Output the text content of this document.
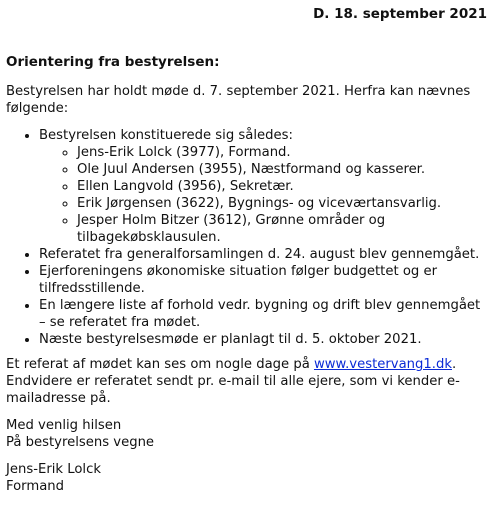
D. 18. september 2021
Orientering fra bestyrelsen:

Bestyrelsen har holdt møde d. 7. september 2021. Herfra kan nævnes følgende:

• Bestyrelsen konstituerede sig således:
◦ Jens-Erik Lolck (3977), Formand.
◦ Ole Juul Andersen (3955), Næstformand og kasserer.
◦ Ellen Langvold (3956), Sekretær.
◦ Erik Jørgensen (3622), Bygnings- og viceværtansvarlig.
◦ Jesper Holm Bitzer (3612), Grønne områder og tilbagekøbsklausulen.
• Referatet fra generalforsamlingen d. 24. august blev gennemgået.
• Ejerforeningens økonomiske situation følger budgettet og er tilfredsstillende.
• En længere liste af forhold vedr. bygning og drift blev gennemgået – se referatet fra mødet.
• Næste bestyrelsesmøde er planlagt til d. 5. oktober 2021.

Et referat af mødet kan ses om nogle dage på www.vestervang1.dk. Endvidere er referatet sendt pr. e-mail til alle ejere, som vi kender e-mailadresse på.

Med venlig hilsen
På bestyrelsens vegne

Jens-Erik Lolck
Formand
